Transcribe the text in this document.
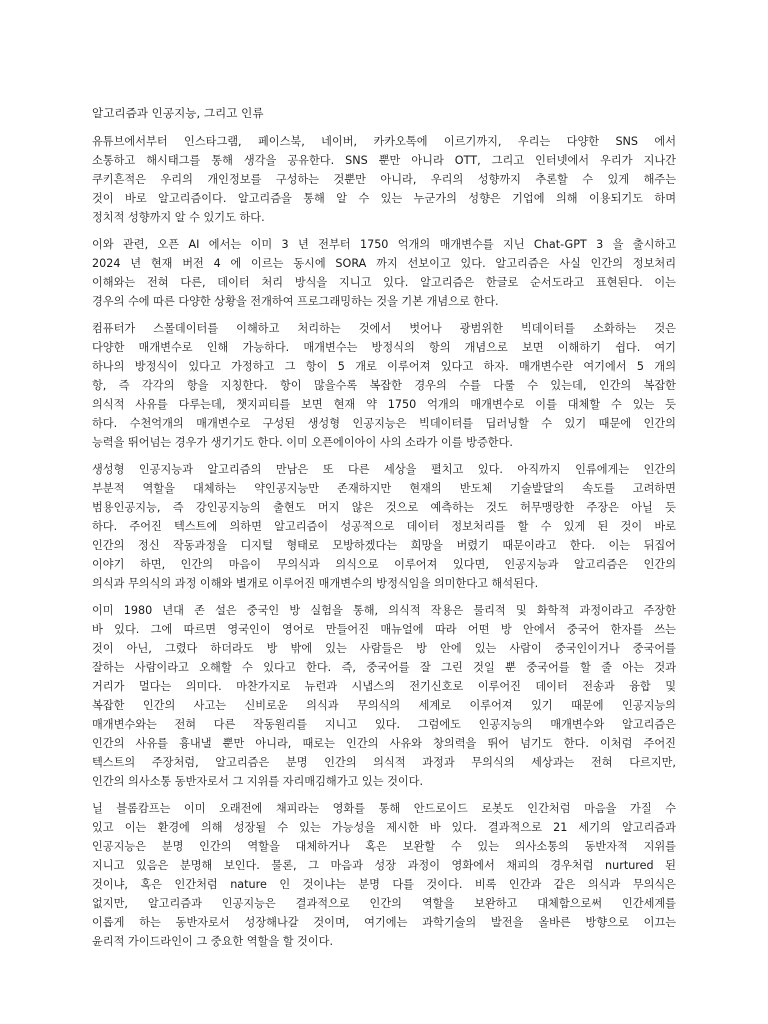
알고리즘과 인공지능, 그리고 인류
유튜브에서부터 인스타그램, 페이스북, 네이버, 카카오톡에 이르기까지, 우리는 다양한 SNS 에서
소통하고 해시태그를 통해 생각을 공유한다. SNS 뿐만 아니라 OTT, 그리고 인터넷에서 우리가 지나간
쿠키흔적은 우리의 개인정보를 구성하는 것뿐만 아니라, 우리의 성향까지 추론할 수 있게 해주는
것이 바로 알고리즘이다. 알고리즘을 통해 알 수 있는 누군가의 성향은 기업에 의해 이용되기도 하며
정치적 성향까지 알 수 있기도 하다.
이와 관련, 오픈 AI 에서는 이미 3 년 전부터 1750 억개의 매개변수를 지닌 Chat-GPT 3 을 출시하고
2024 년 현재 버전 4 에 이르는 동시에 SORA 까지 선보이고 있다. 알고리즘은 사실 인간의 정보처리
이해와는 전혀 다른, 데이터 처리 방식을 지니고 있다. 알고리즘은 한글로 순서도라고 표현된다. 이는
경우의 수에 따른 다양한 상황을 전개하여 프로그래밍하는 것을 기본 개념으로 한다.
컴퓨터가 스몰데이터를 이해하고 처리하는 것에서 벗어나 광범위한 빅데이터를 소화하는 것은
다양한 매개변수로 인해 가능하다. 매개변수는 방정식의 항의 개념으로 보면 이해하기 쉽다. 여기
하나의 방정식이 있다고 가정하고 그 항이 5 개로 이루어져 있다고 하자. 매개변수란 여기에서 5 개의
항, 즉 각각의 항을 지칭한다. 항이 많을수록 복잡한 경우의 수를 다룰 수 있는데, 인간의 복잡한
의식적 사유를 다루는데, 챗지피티를 보면 현재 약 1750 억개의 매개변수로 이를 대체할 수 있는 듯
하다. 수천억개의 매개변수로 구성된 생성형 인공지능은 빅데이터를 딥러닝할 수 있기 때문에 인간의
능력을 뛰어넘는 경우가 생기기도 한다. 이미 오픈에이아이 사의 소라가 이를 방증한다.
생성형 인공지능과 알고리즘의 만남은 또 다른 세상을 펼치고 있다. 아직까지 인류에게는 인간의
부분적 역할을 대체하는 약인공지능만 존재하지만 현재의 반도체 기술발달의 속도를 고려하면
범용인공지능, 즉 강인공지능의 출현도 머지 않은 것으로 예측하는 것도 허무맹랑한 주장은 아닐 듯
하다. 주어진 텍스트에 의하면 알고리즘이 성공적으로 데이터 정보처리를 할 수 있게 된 것이 바로
인간의 정신 작동과정을 디지털 형태로 모방하겠다는 희망을 버렸기 때문이라고 한다. 이는 뒤집어
이야기 하면, 인간의 마음이 무의식과 의식으로 이루어져 있다면, 인공지능과 알고리즘은 인간의
의식과 무의식의 과정 이해와 별개로 이루어진 매개변수의 방정식임을 의미한다고 해석된다.
이미 1980 년대 존 설은 중국인 방 실험을 통해, 의식적 작용은 물리적 및 화학적 과정이라고 주장한
바 있다. 그에 따르면 영국인이 영어로 만들어진 매뉴얼에 따라 어떤 방 안에서 중국어 한자를 쓰는
것이 아닌, 그렸다 하더라도 방 밖에 있는 사람들은 방 안에 있는 사람이 중국인이거나 중국어를
잘하는 사람이라고 오해할 수 있다고 한다. 즉, 중국어를 잘 그린 것일 뿐 중국어를 할 줄 아는 것과
거리가 멀다는 의미다. 마찬가지로 뉴런과 시냅스의 전기신호로 이루어진 데이터 전송과 융합 및
복잡한 인간의 사고는 신비로운 의식과 무의식의 세계로 이루어져 있기 때문에 인공지능의
매개변수와는 전혀 다른 작동원리를 지니고 있다. 그럼에도 인공지능의 매개변수와 알고리즘은
인간의 사유를 흉내낼 뿐만 아니라, 때로는 인간의 사유와 창의력을 뛰어 넘기도 한다. 이처럼 주어진
텍스트의 주장처럼, 알고리즘은 분명 인간의 의식적 과정과 무의식의 세상과는 전혀 다르지만,
인간의 의사소통 동반자로서 그 지위를 자리매김해가고 있는 것이다.
닐 블롬캄프는 이미 오래전에 채피라는 영화를 통해 안드로이드 로봇도 인간처럼 마음을 가질 수
있고 이는 환경에 의해 성장될 수 있는 가능성을 제시한 바 있다. 결과적으로 21 세기의 알고리즘과
인공지능은 분명 인간의 역할을 대체하거나 혹은 보완할 수 있는 의사소통의 동반자적 지위를
지니고 있음은 분명해 보인다. 물론, 그 마음과 성장 과정이 영화에서 채피의 경우처럼 nurtured 된
것이냐, 혹은 인간처럼 nature 인 것이냐는 분명 다를 것이다. 비록 인간과 같은 의식과 무의식은
없지만, 알고리즘과 인공지능은 결과적으로 인간의 역할을 보완하고 대체함으로써 인간세계를
이롭게 하는 동반자로서 성장해나갈 것이며, 여기에는 과학기술의 발전을 올바른 방향으로 이끄는
윤리적 가이드라인이 그 중요한 역할을 할 것이다.
